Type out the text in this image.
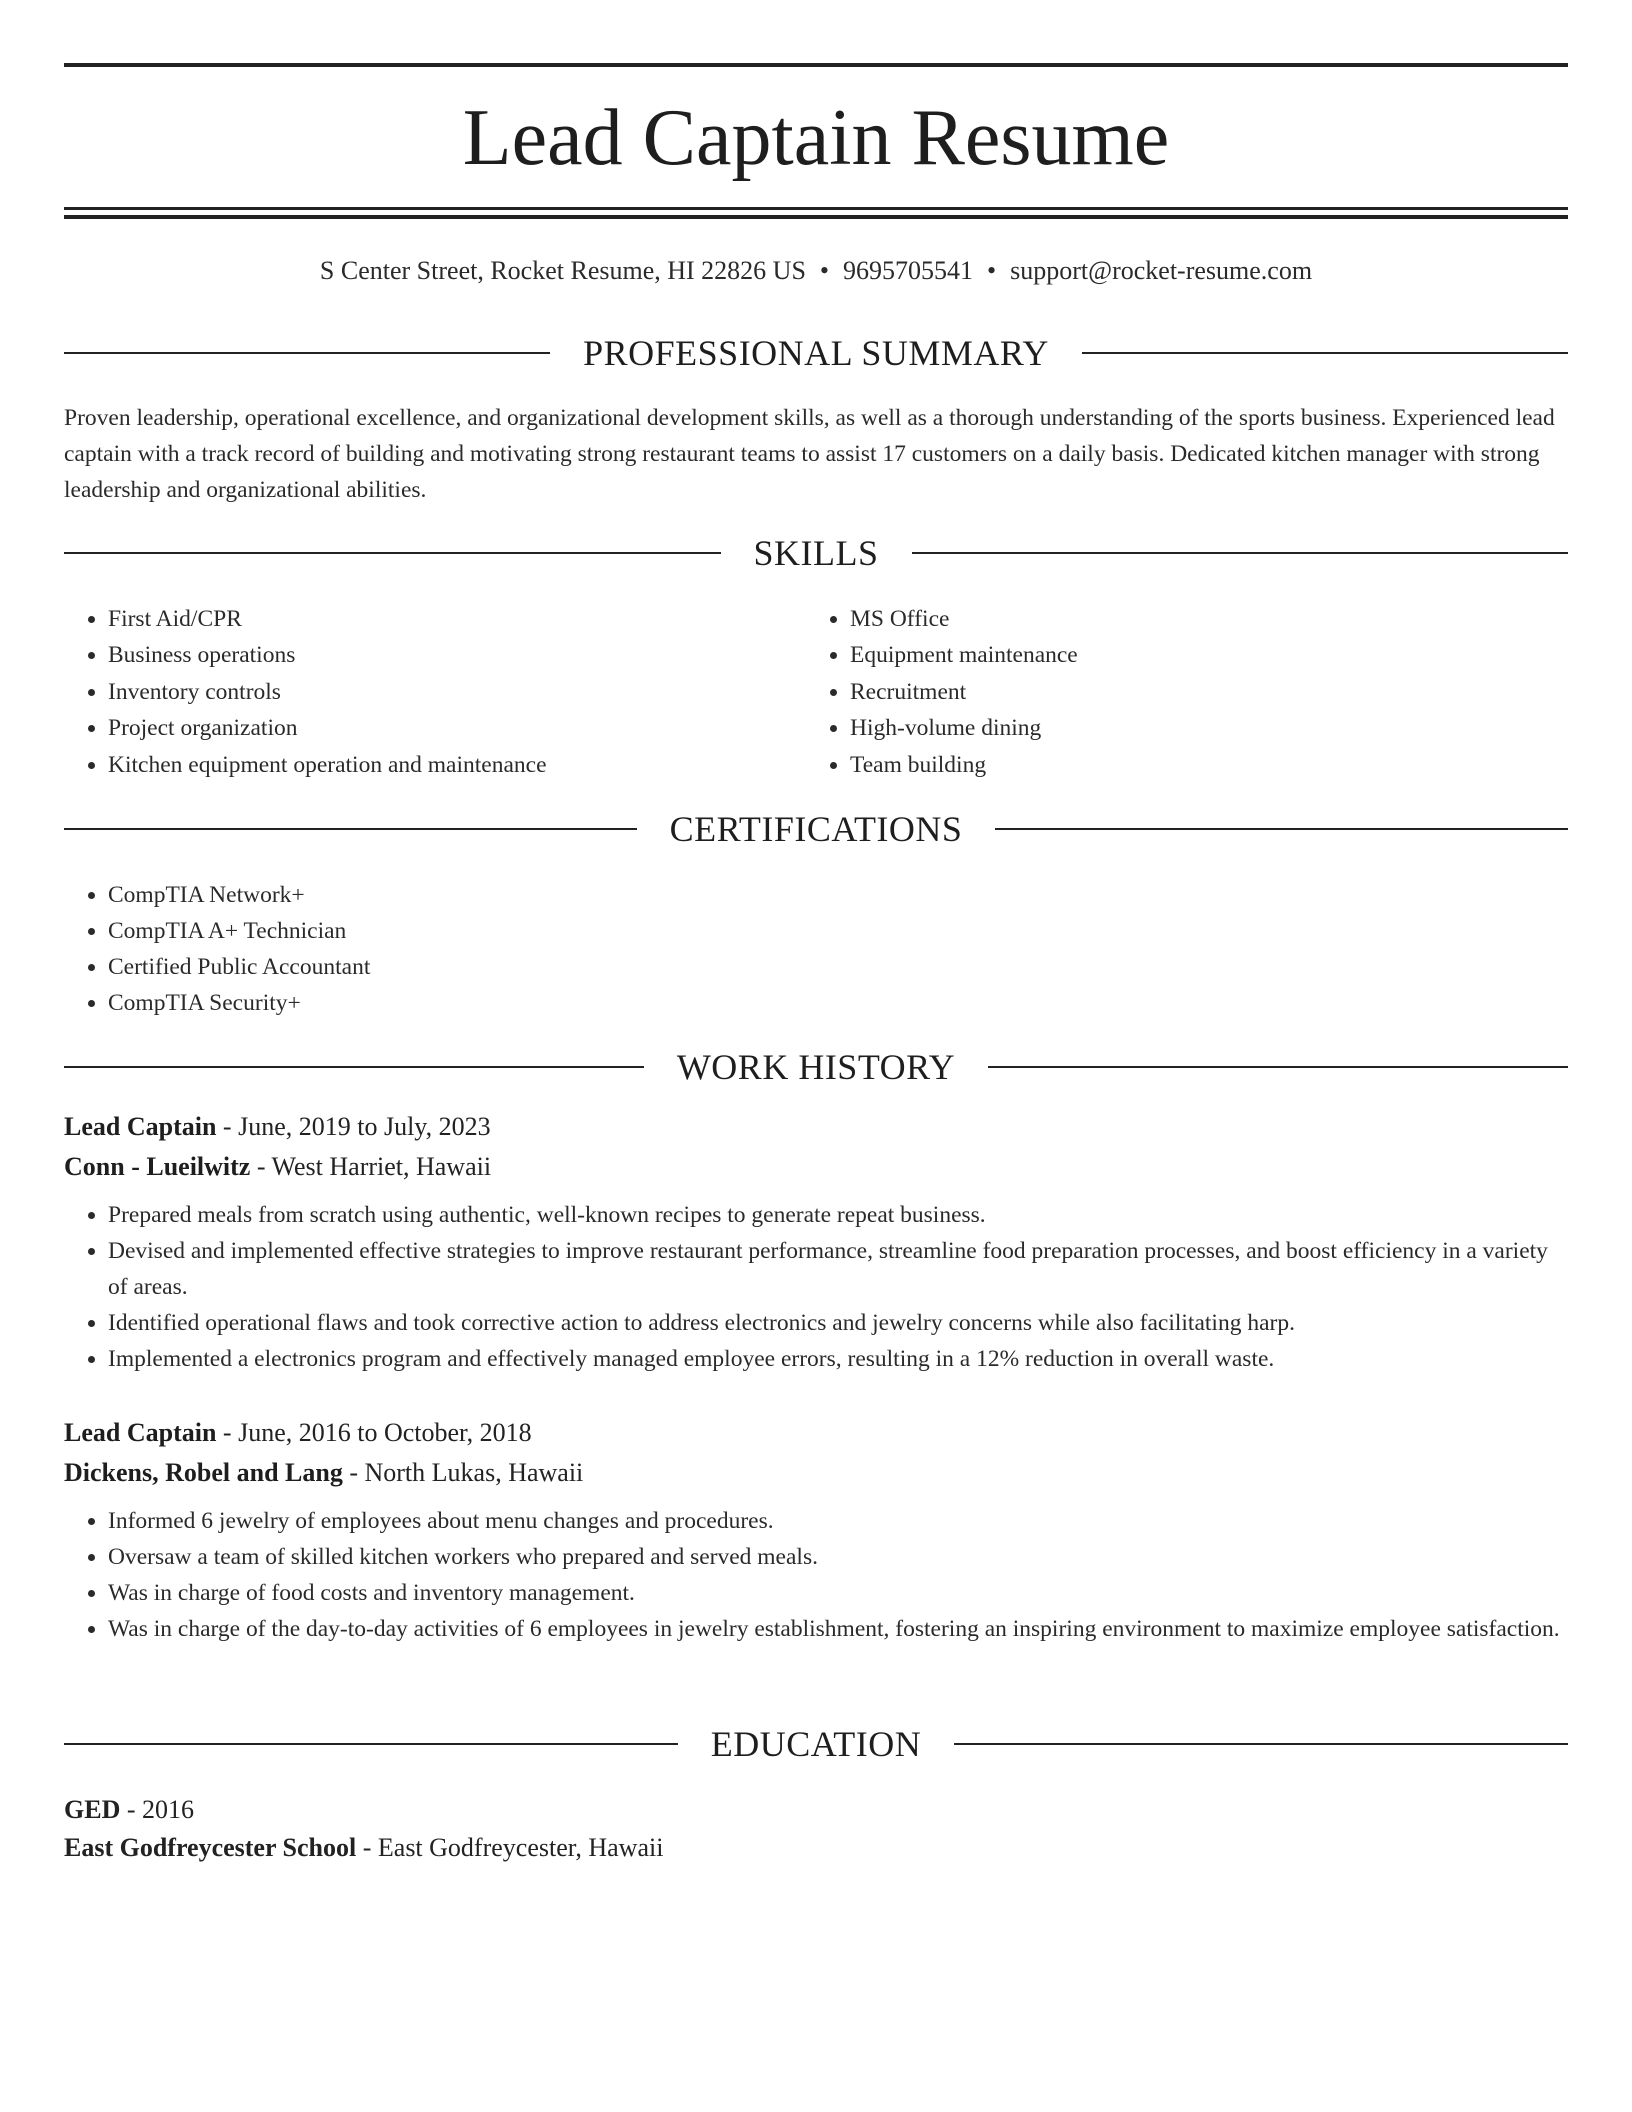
Lead Captain Resume
S Center Street, Rocket Resume, HI 22826 US • 9695705541 • support@rocket-resume.com
PROFESSIONAL SUMMARY

Proven leadership, operational excellence, and organizational development skills, as well as a thorough understanding of the sports business. Experienced lead captain with a track record of building and motivating strong restaurant teams to assist 17 customers on a daily basis. Dedicated kitchen manager with strong leadership and organizational abilities.

SKILLS
• First Aid/CPR
• Business operations
• Inventory controls
• Project organization
• Kitchen equipment operation and maintenance
• MS Office
• Equipment maintenance
• Recruitment
• High-volume dining
• Team building
CERTIFICATIONS
• CompTIA Network+
• CompTIA A+ Technician
• Certified Public Accountant
• CompTIA Security+
WORK HISTORY
Lead Captain - June, 2019 to July, 2023
Conn - Lueilwitz - West Harriet, Hawaii
• Prepared meals from scratch using authentic, well-known recipes to generate repeat business.
• Devised and implemented effective strategies to improve restaurant performance, streamline food preparation processes, and boost efficiency in a variety of areas.
• Identified operational flaws and took corrective action to address electronics and jewelry concerns while also facilitating harp.
• Implemented a electronics program and effectively managed employee errors, resulting in a 12% reduction in overall waste.
Lead Captain - June, 2016 to October, 2018
Dickens, Robel and Lang - North Lukas, Hawaii
• Informed 6 jewelry of employees about menu changes and procedures.
• Oversaw a team of skilled kitchen workers who prepared and served meals.
• Was in charge of food costs and inventory management.
• Was in charge of the day-to-day activities of 6 employees in jewelry establishment, fostering an inspiring environment to maximize employee satisfaction.
EDUCATION
GED - 2016
East Godfreycester School - East Godfreycester, Hawaii
